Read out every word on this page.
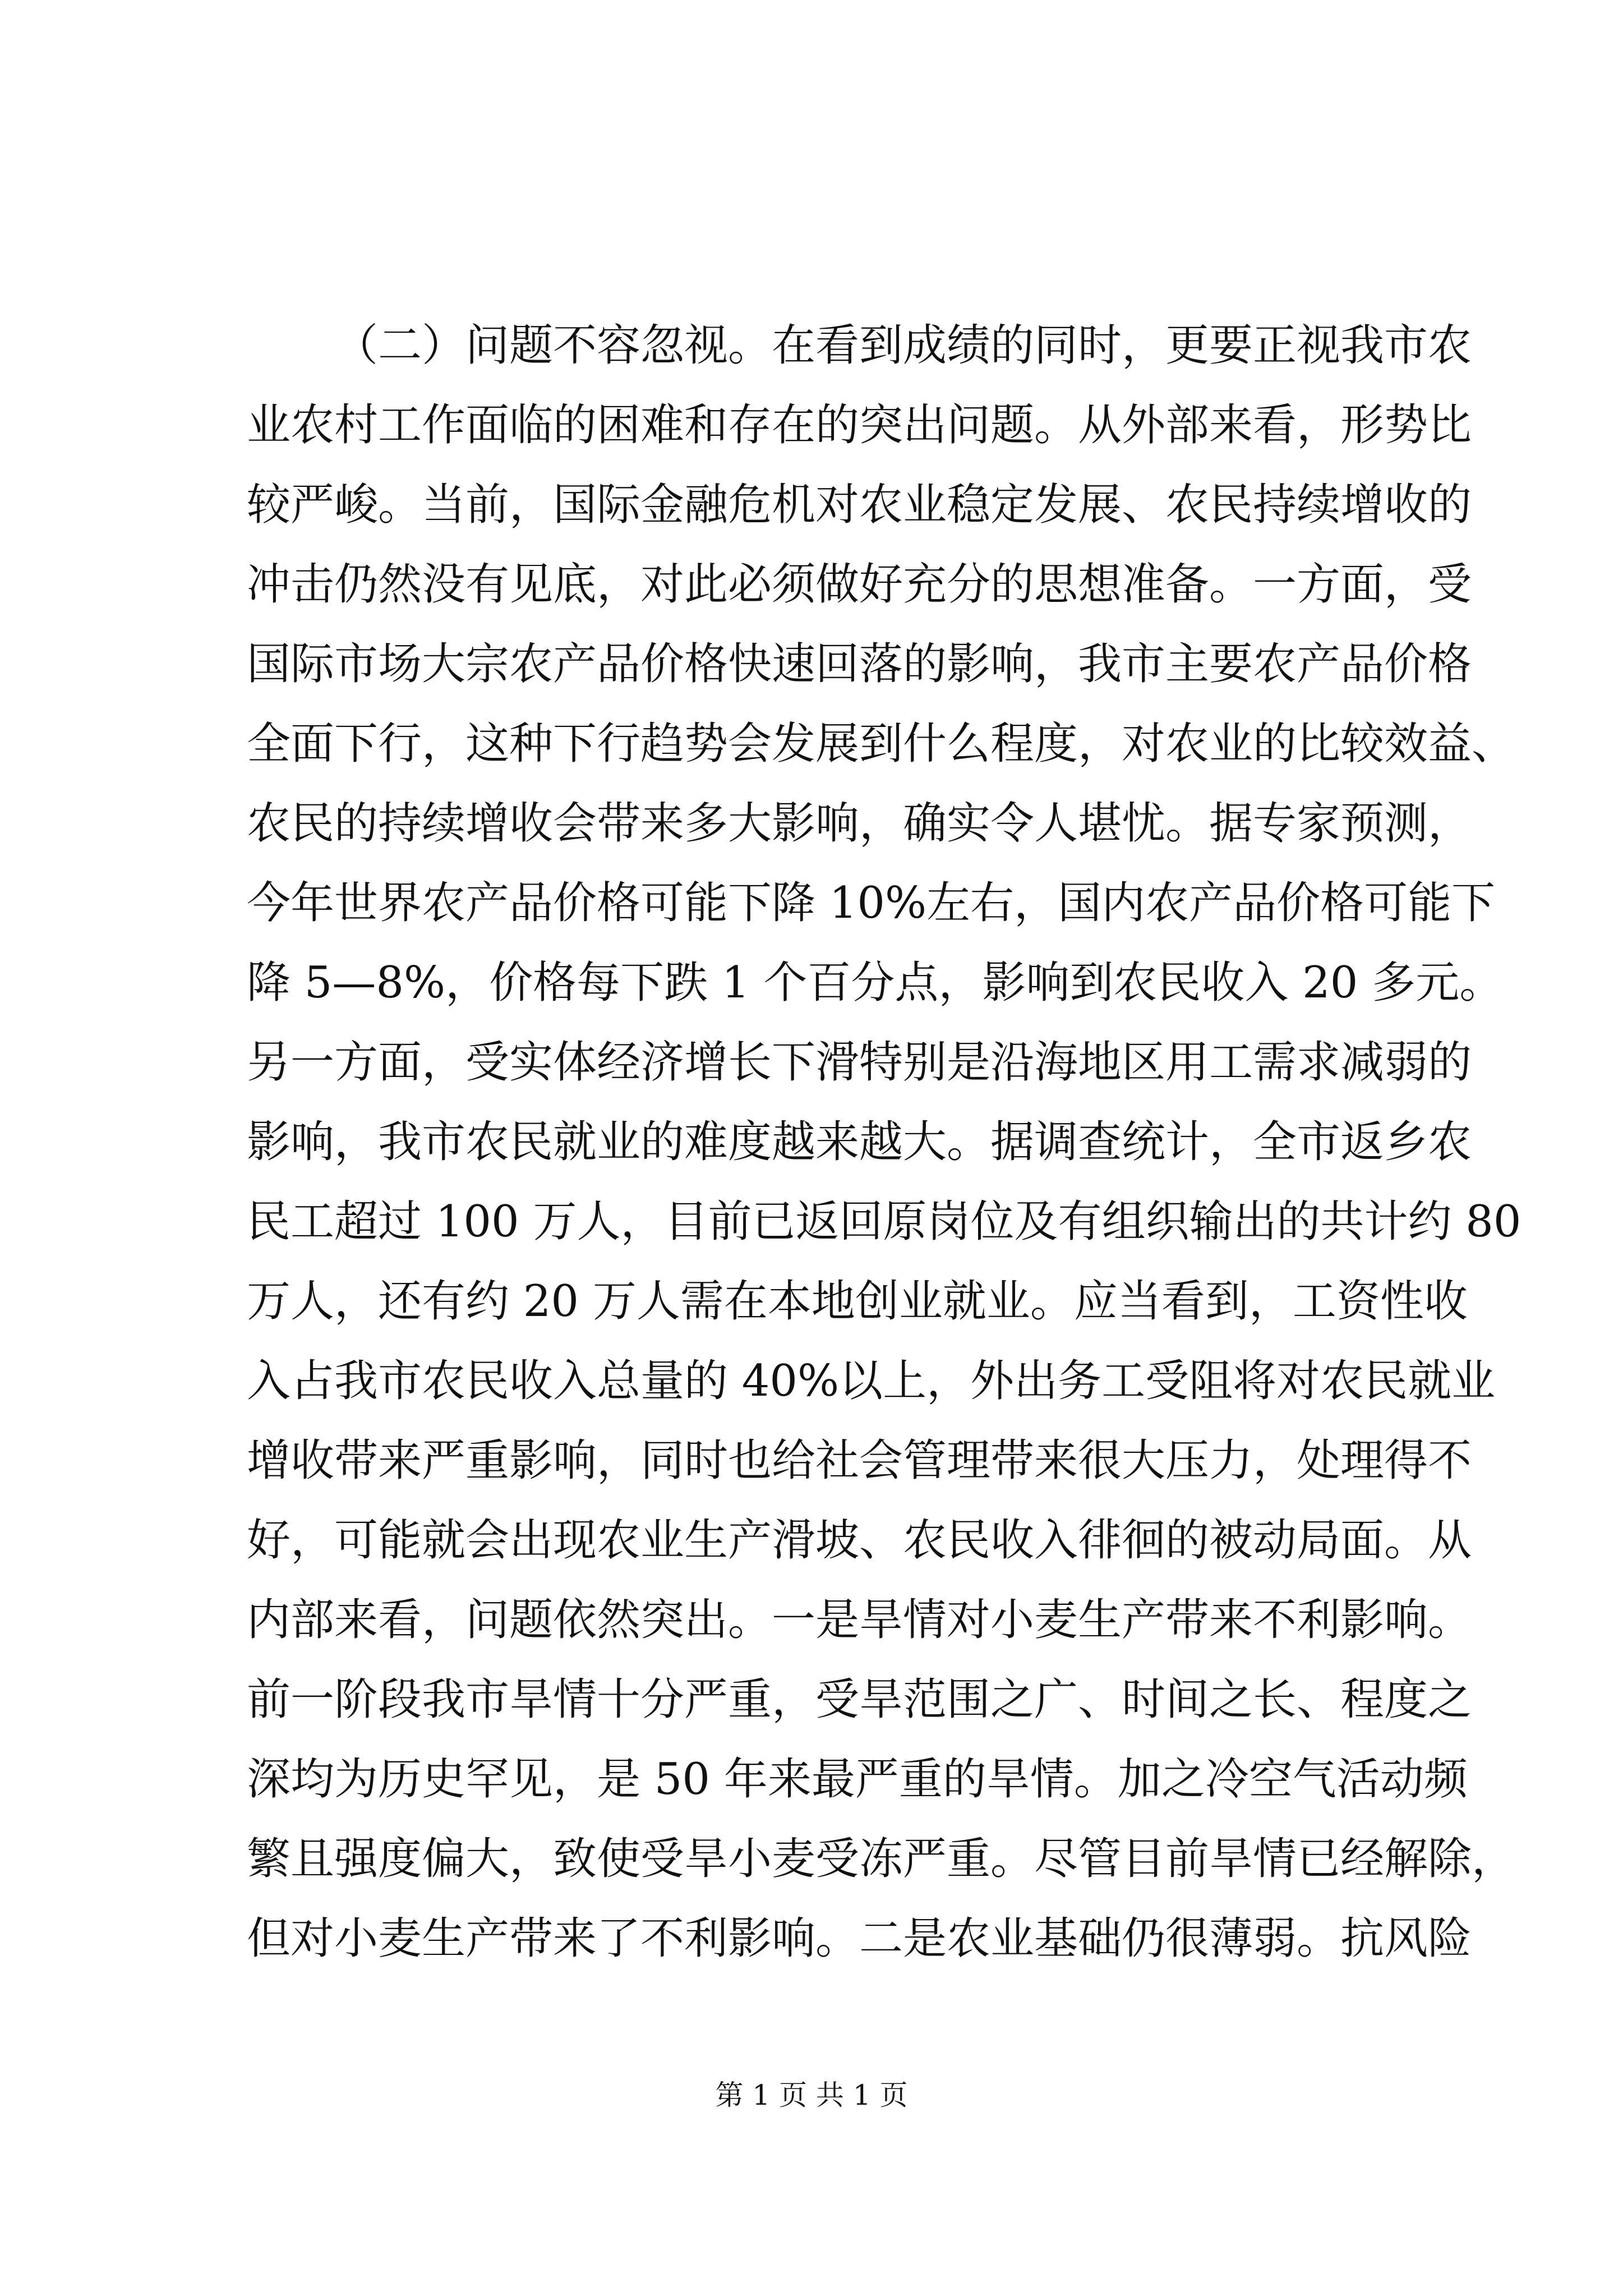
（二）问题不容忽视。在看到成绩的同时，更要正视我市农
业农村工作面临的困难和存在的突出问题。从外部来看，形势比
较严峻。当前，国际金融危机对农业稳定发展、农民持续增收的
冲击仍然没有见底，对此必须做好充分的思想准备。一方面，受
国际市场大宗农产品价格快速回落的影响，我市主要农产品价格
全面下行，这种下行趋势会发展到什么程度，对农业的比较效益、
农民的持续增收会带来多大影响，确实令人堪忧。据专家预测，
今年世界农产品价格可能下降 10%左右，国内农产品价格可能下
降 5—8%，价格每下跌 1 个百分点，影响到农民收入 20 多元。
另一方面，受实体经济增长下滑特别是沿海地区用工需求减弱的
影响，我市农民就业的难度越来越大。据调查统计，全市返乡农
民工超过 100 万人，目前已返回原岗位及有组织输出的共计约 80
万人，还有约 20 万人需在本地创业就业。应当看到，工资性收
入占我市农民收入总量的 40%以上，外出务工受阻将对农民就业
增收带来严重影响，同时也给社会管理带来很大压力，处理得不
好，可能就会出现农业生产滑坡、农民收入徘徊的被动局面。从
内部来看，问题依然突出。一是旱情对小麦生产带来不利影响。
前一阶段我市旱情十分严重，受旱范围之广、时间之长、程度之
深均为历史罕见，是 50 年来最严重的旱情。加之冷空气活动频
繁且强度偏大，致使受旱小麦受冻严重。尽管目前旱情已经解除，
但对小麦生产带来了不利影响。二是农业基础仍很薄弱。抗风险
第 1 页 共 1 页
